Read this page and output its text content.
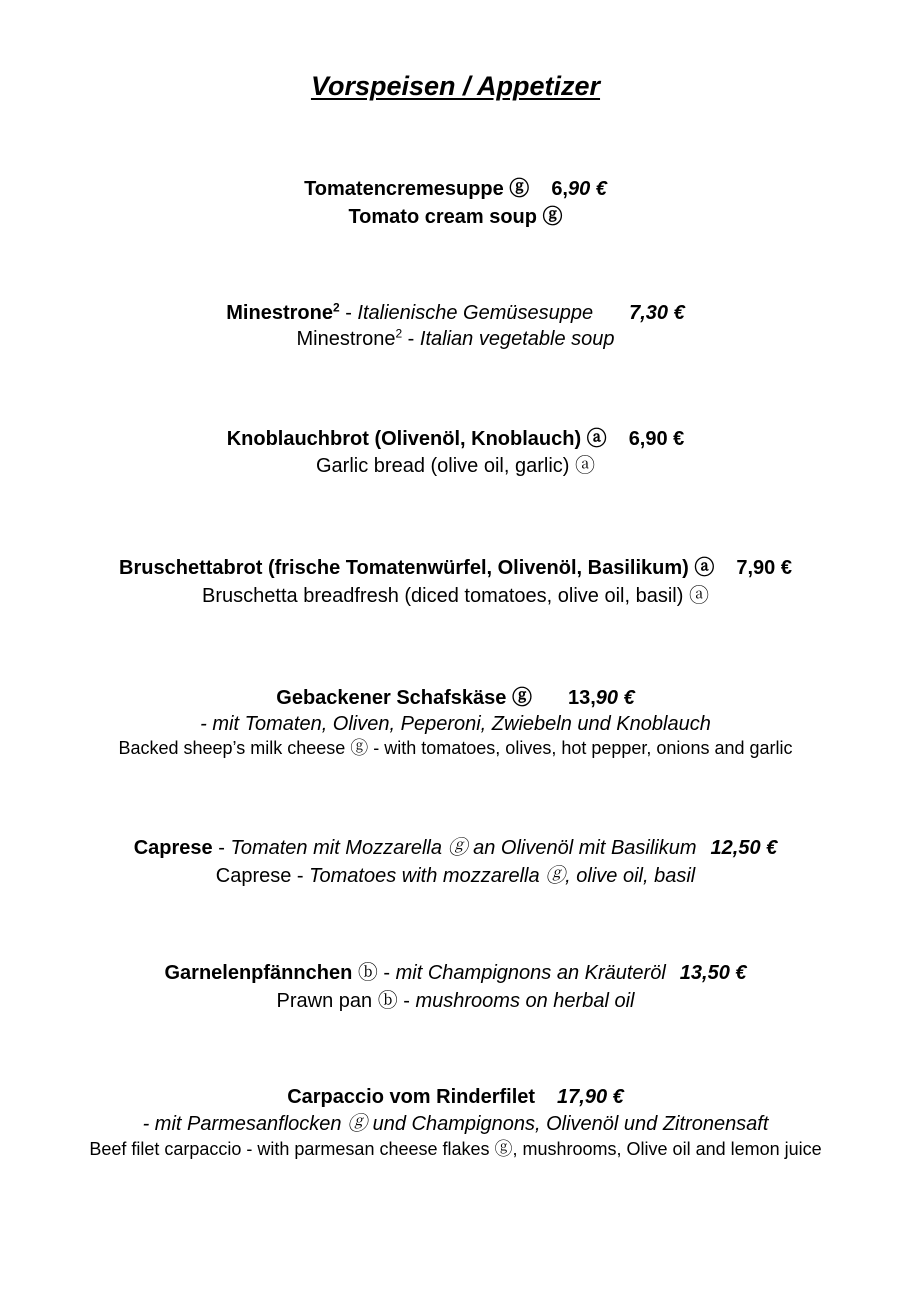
Vorspeisen / Appetizer
Tomatencremesuppe ⓖ 6,90 €
Tomato cream soup ⓖ
Minestrone$^2$ - Italienische Gemüsesuppe 7,30 €
Minestrone$^2$ - Italian vegetable soup
Knoblauchbrot (Olivenöl, Knoblauch) ⓐ 6,90 €
Garlic bread (olive oil, garlic) ⓐ
Bruschettabrot (frische Tomatenwürfel, Olivenöl, Basilikum) ⓐ 7,90 €
Bruschetta breadfresh (diced tomatoes, olive oil, basil) ⓐ
Gebackener Schafskäse ⓖ 13,90 €
- mit Tomaten, Oliven, Peperoni, Zwiebeln und Knoblauch
Backed sheep’s milk cheese ⓖ - with tomatoes, olives, hot pepper, onions and garlic
Caprese - Tomaten mit Mozzarella ⓖ an Olivenöl mit Basilikum 12,50 €
Caprese - Tomatoes with mozzarella ⓖ, olive oil, basil
Garnelenpfännchen ⓑ - mit Champignons an Kräuteröl 13,50 €
Prawn pan ⓑ - mushrooms on herbal oil
Carpaccio vom Rinderfilet 17,90 €
- mit Parmesanflocken ⓖ und Champignons, Olivenöl und Zitronensaft
Beef filet carpaccio - with parmesan cheese flakes ⓖ, mushrooms, Olive oil and lemon juice
